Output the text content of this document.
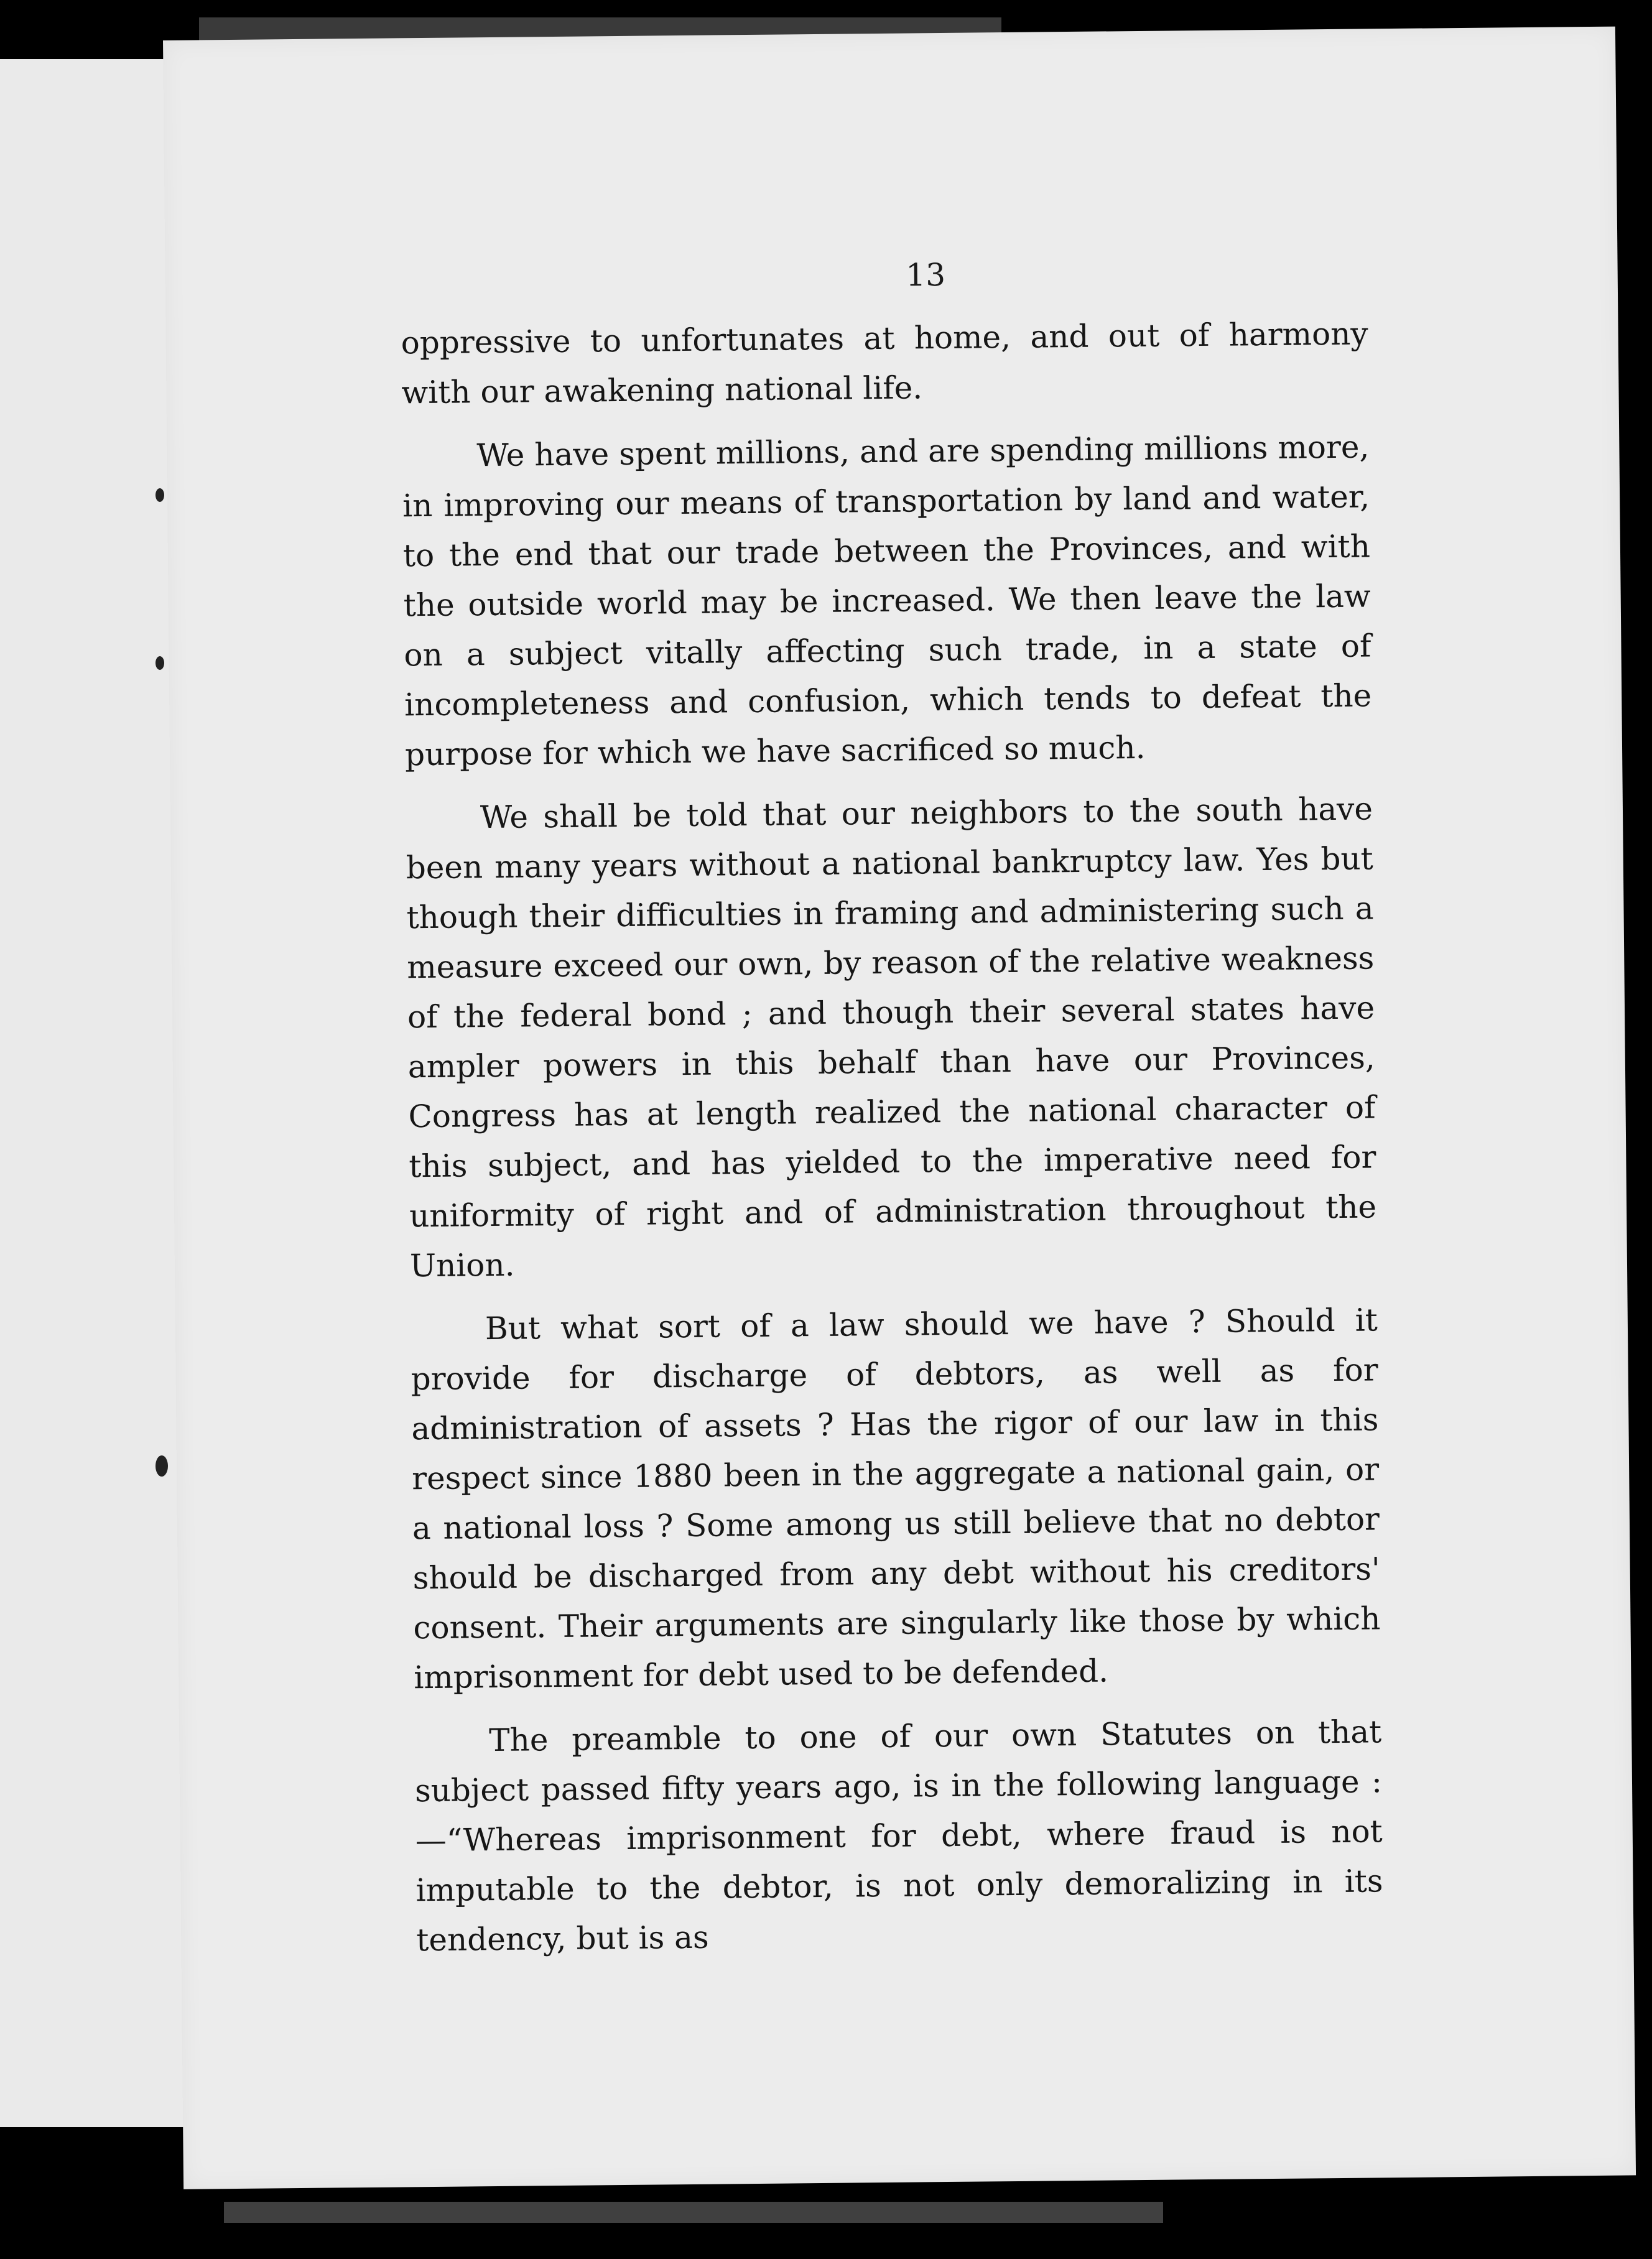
13

oppressive to unfortunates at home, and out of harmony with our awakening national life.

We have spent millions, and are spending millions more, in improving our means of transportation by land and water, to the end that our trade between the Provinces, and with the outside world may be increased. We then leave the law on a subject vitally affecting such trade, in a state of incompleteness and confusion, which tends to defeat the purpose for which we have sacrificed so much.

We shall be told that our neighbors to the south have been many years without a national bankruptcy law. Yes but though their difficulties in framing and administering such a measure exceed our own, by reason of the relative weakness of the federal bond ; and though their several states have ampler powers in this behalf than have our Provinces, Congress has at length realized the national character of this subject, and has yielded to the imperative need for uniformity of right and of administration throughout the Union.

But what sort of a law should we have ? Should it provide for discharge of debtors, as well as for administration of assets ? Has the rigor of our law in this respect since 1880 been in the aggregate a national gain, or a national loss ? Some among us still believe that no debtor should be discharged from any debt without his creditors' consent. Their arguments are singularly like those by which imprisonment for debt used to be defended.

The preamble to one of our own Statutes on that subject passed fifty years ago, is in the following language :—“Whereas imprisonment for debt, where fraud is not imputable to the debtor, is not only demoralizing in its tendency, but is as
